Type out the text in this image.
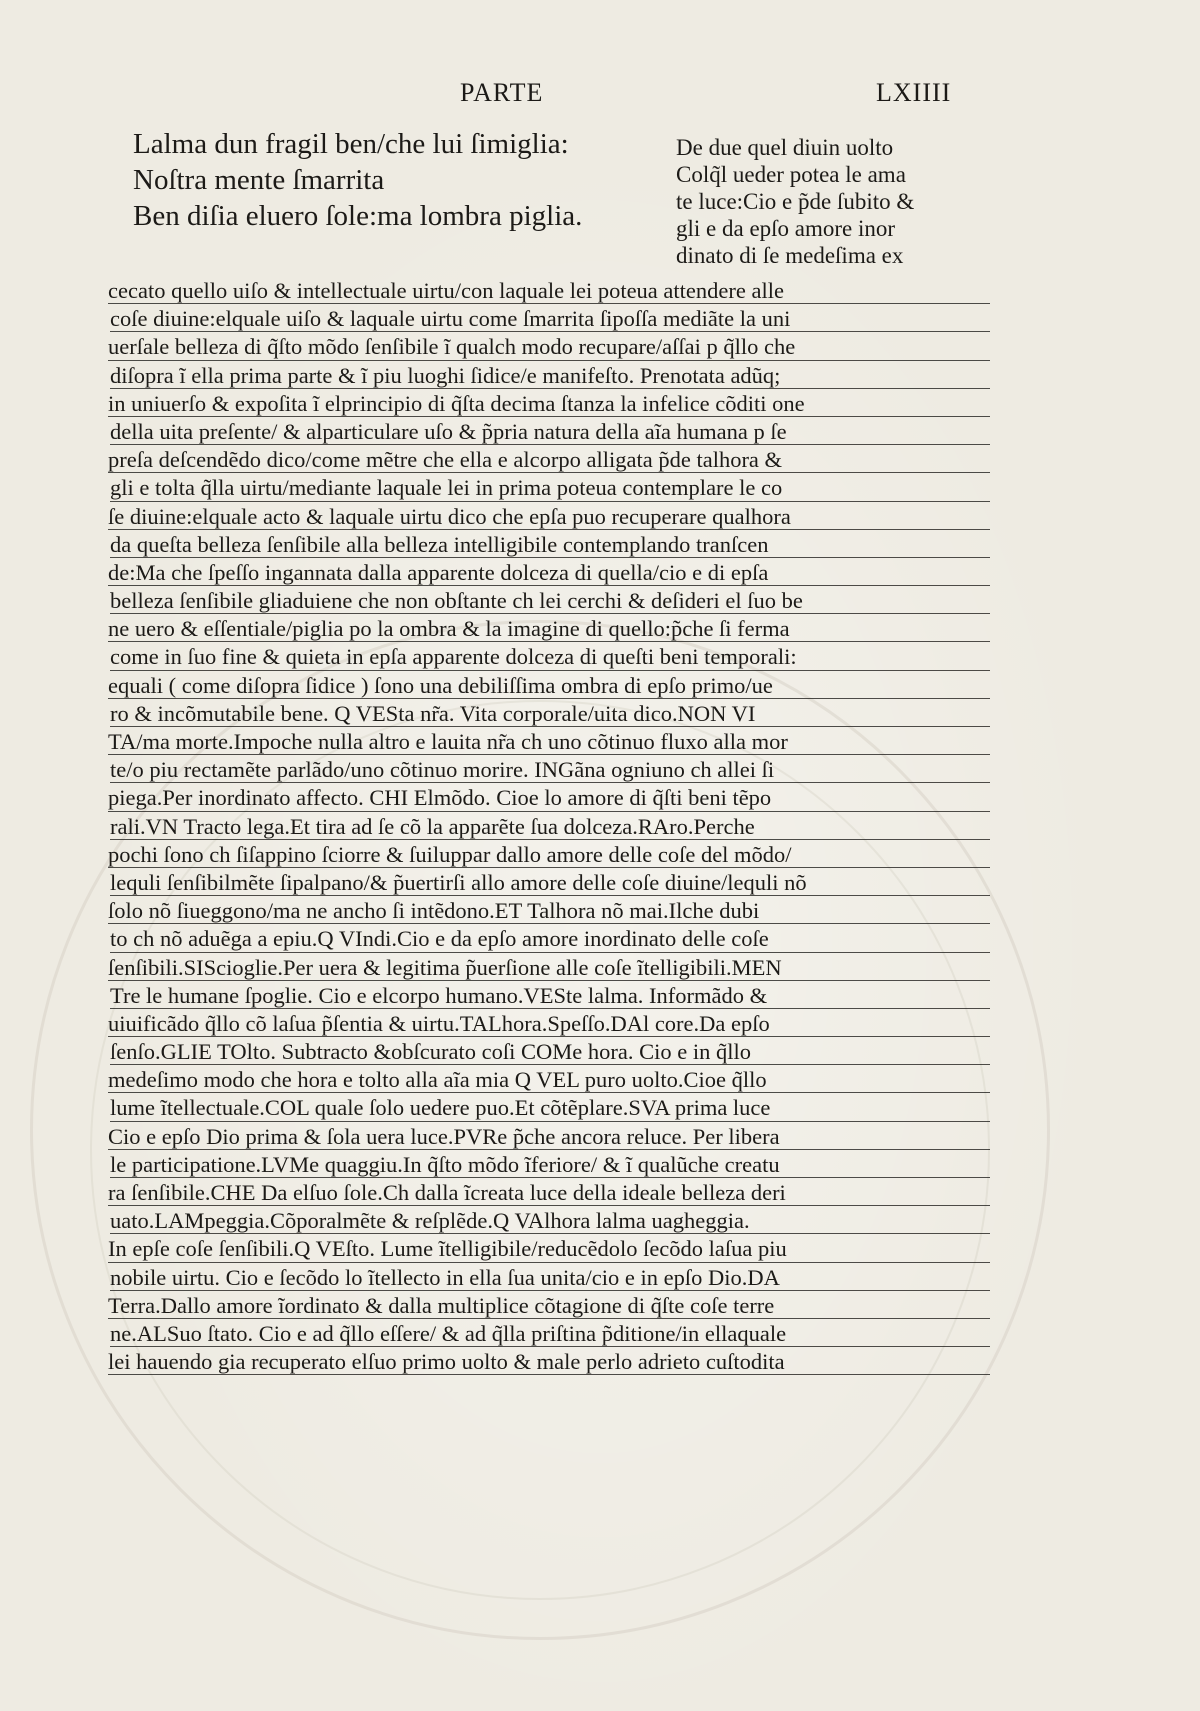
PARTE	LXIIII
Lalma dun fragil ben/che lui ſimiglia:
Noſtra mente ſmarrita
Ben diſia eluero ſole:ma lombra piglia.
De due quel diuin uolto
Colq̃l ueder potea le ama
te luce:Cio e p̃de ſubito &
gli e da epſo amore inor
dinato di ſe medeſima ex
cecato quello uiſo & intellectuale uirtu/con laquale lei poteua attendere alle
coſe diuine:elquale uiſo & laquale uirtu come ſmarrita ſipoſſa mediãte la uni
uerſale belleza di q̃ſto mõdo ſenſibile ĩ qualch modo recupare/aſſai p q̃llo che
diſopra ĩ ella prima parte & ĩ piu luoghi ſidice/e manifeſto. Prenotata adũq;
in uniuerſo & expoſita ĩ elprincipio di q̃ſta decima ſtanza la infelice cõditi one
della uita preſente/ & alparticulare uſo & p̃pria natura della aĩa humana p ſe
preſa deſcendẽdo dico/come mẽtre che ella e alcorpo alligata p̃de talhora &
gli e tolta q̃lla uirtu/mediante laquale lei in prima poteua contemplare le co
ſe diuine:elquale acto & laquale uirtu dico che epſa puo recuperare qualhora
da queſta belleza ſenſibile alla belleza intelligibile contemplando tranſcen
de:Ma che ſpeſſo ingannata dalla apparente dolceza di quella/cio e di epſa
belleza ſenſibile gliaduiene che non obſtante ch lei cerchi & deſideri el ſuo be
ne uero & eſſentiale/piglia po la ombra & la imagine di quello:p̃che ſi ferma
come in ſuo fine & quieta in epſa apparente dolceza di queſti beni temporali:
equali ( come diſopra ſidice ) ſono una debiliſſima ombra di epſo primo/ue
ro & incõmutabile bene. Q VESta nr̃a. Vita corporale/uita dico.NON VI
TA/ma morte.Impoche nulla altro e lauita nr̃a ch uno cõtinuo fluxo alla mor
te/o piu rectamẽte parlãdo/uno cõtinuo morire. INGãna ogniuno ch allei ſi
piega.Per inordinato affecto. CHI Elmõdo. Cioe lo amore di q̃ſti beni tẽpo
rali.VN Tracto lega.Et tira ad ſe cõ la apparẽte ſua dolceza.RAro.Perche
pochi ſono ch ſiſappino ſciorre & ſuiluppar dallo amore delle coſe del mõdo/
lequli ſenſibilmẽte ſipalpano/& p̃uertirſi allo amore delle coſe diuine/lequli nõ
ſolo nõ ſiueggono/ma ne ancho ſi intẽdono.ET Talhora nõ mai.Ilche dubi
to ch nõ aduẽga a epiu.Q VIndi.Cio e da epſo amore inordinato delle coſe
ſenſibili.SIScioglie.Per uera & legitima p̃uerſione alle coſe ĩtelligibili.MEN
Tre le humane ſpoglie. Cio e elcorpo humano.VESte lalma. Informãdo &
uiuificãdo q̃llo cõ laſua p̃ſentia & uirtu.TALhora.Speſſo.DAl core.Da epſo
ſenſo.GLIE TOlto. Subtracto &obſcurato coſi COMe hora. Cio e in q̃llo
medeſimo modo che hora e tolto alla aĩa mia Q VEL puro uolto.Cioe q̃llo
lume ĩtellectuale.COL quale ſolo uedere puo.Et cõtẽplare.SVA prima luce
Cio e epſo Dio prima & ſola uera luce.PVRe p̃che ancora reluce. Per libera
le participatione.LVMe quaggiu.In q̃ſto mõdo ĩferiore/ & ĩ qualũche creatu
ra ſenſibile.CHE Da elſuo ſole.Ch dalla ĩcreata luce della ideale belleza deri
uato.LAMpeggia.Cõporalmẽte & reſplẽde.Q VAlhora lalma uagheggia.
In epſe coſe ſenſibili.Q VEſto. Lume ĩtelligibile/reducẽdolo ſecõdo laſua piu
nobile uirtu. Cio e ſecõdo lo ĩtellecto in ella ſua unita/cio e in epſo Dio.DA
Terra.Dallo amore ĩordinato & dalla multiplice cõtagione di q̃ſte coſe terre
ne.ALSuo ſtato. Cio e ad q̃llo eſſere/ & ad q̃lla priſtina p̃ditione/in ellaquale
lei hauendo gia recuperato elſuo primo uolto & male perlo adrieto cuſtodita
